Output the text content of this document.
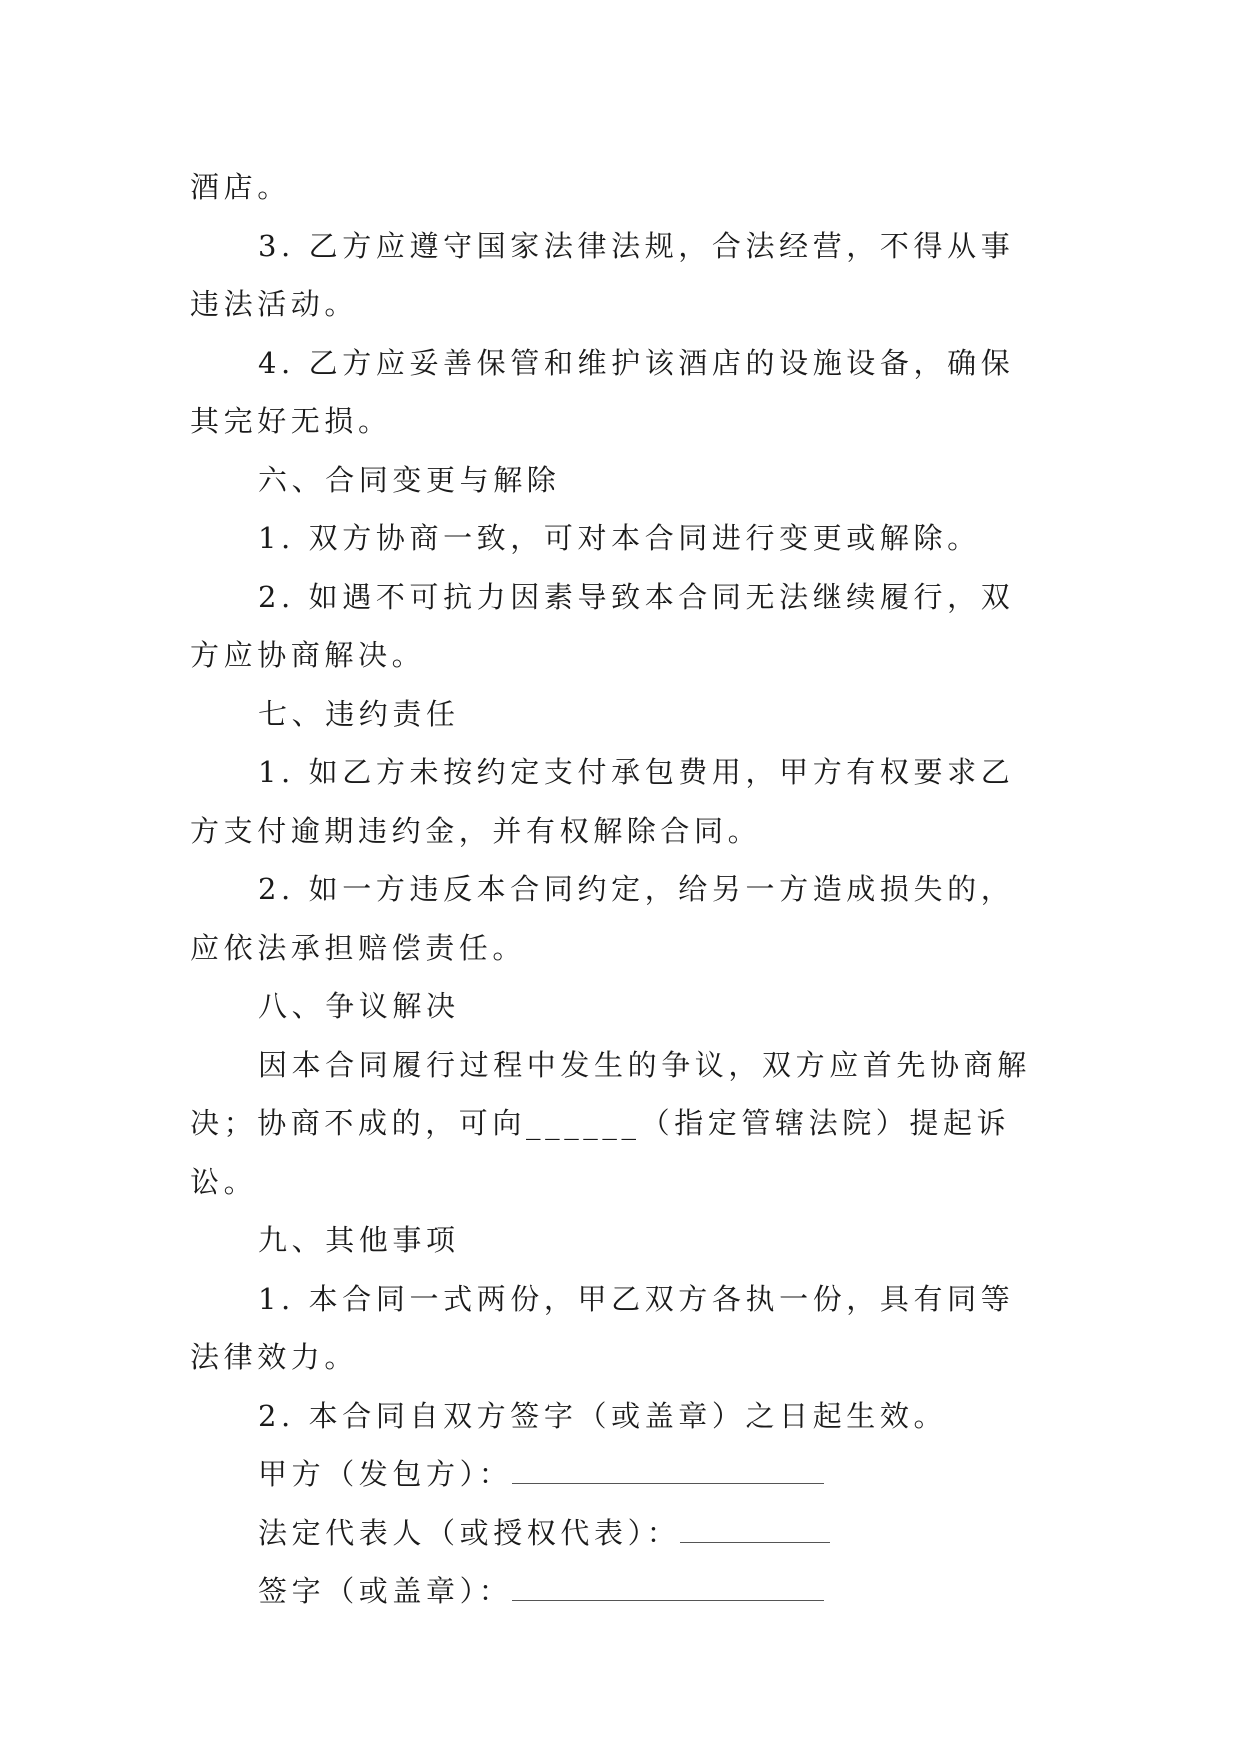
酒店。

3. 乙方应遵守国家法律法规，合法经营，不得从事违法活动。

4. 乙方应妥善保管和维护该酒店的设施设备，确保其完好无损。

六、合同变更与解除

1. 双方协商一致，可对本合同进行变更或解除。

2. 如遇不可抗力因素导致本合同无法继续履行，双方应协商解决。

七、违约责任

1. 如乙方未按约定支付承包费用，甲方有权要求乙方支付逾期违约金，并有权解除合同。

2. 如一方违反本合同约定，给另一方造成损失的，应依法承担赔偿责任。

八、争议解决

因本合同履行过程中发生的争议，双方应首先协商解决；协商不成的，可向______（指定管辖法院）提起诉讼。

九、其他事项

1. 本合同一式两份，甲乙双方各执一份，具有同等法律效力。

2. 本合同自双方签字（或盖章）之日起生效。

甲方（发包方）：

法定代表人（或授权代表）：

签字（或盖章）：
